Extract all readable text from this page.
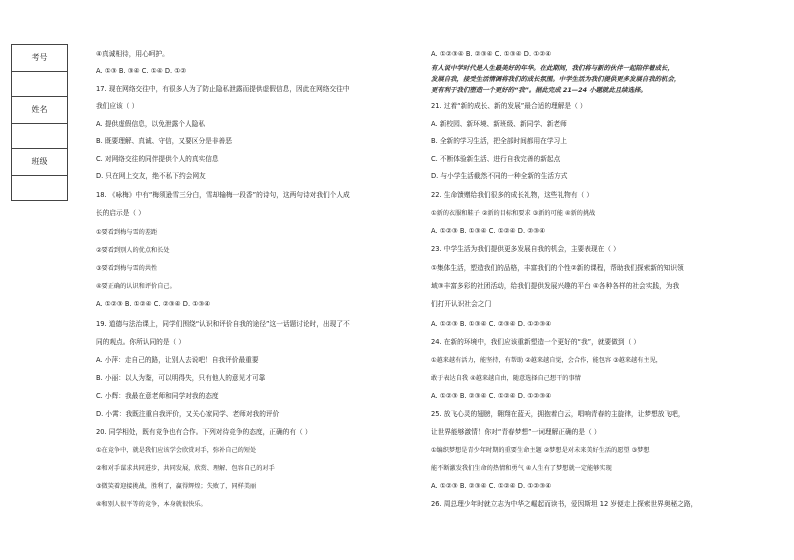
考号
姓名
班级
④真诚相待，用心呵护。
A. ①③ B. ③④ C. ①④ D. ①②
17. 现在网络交往中，有很多人为了防止隐私泄露而提供虚假信息，因此在网络交往中
我们应该（ ）
A. 提供虚假信息，以免泄露个人隐私
B. 既要理解、真诚、守信，又要区分是非善恶
C. 对网络交往的同伴提供个人的真实信息
D. 只在网上交友，绝不私下约会网友
18. 《咏梅》中有“梅须逊雪三分白，雪却输梅一段香”的诗句，这两句诗对我们个人成
长的启示是（ ）
①要看到梅与雪的差距
②要看到别人的优点和长处
③要看到梅与雪的共性
④要正确的认识和评价自己。
A. ①②③ B. ①②④ C. ②③④ D. ①③④
19. 道德与法治课上，同学们围绕“认识和评价自我的途径”这一话题讨论时，出现了不
同的观点。你所认同的是（ ）
A. 小萍：走自己的路，让别人去说吧！自我评价最重要
B. 小丽：以人为鉴，可以明得失，只有他人的意见才可靠
C. 小辉：我最在意老师和同学对我的态度
D. 小霄：我既注重自我评价，又关心家同学、老师对我的评价
20. 同学相处，既有竞争也有合作。下列对待竞争的态度，正确的有（ ）
①在竞争中，就是我们应该学会欣赏对手，弥补自己的短处
②和对手谋求共同进步，共同发展，欣赏、理解、包容自己的对手
③微笑着迎接挑战，胜利了，赢得辉煌；失败了，同样美丽
④和别人很平等的竞争，本身就很快乐。
A. ①②③④ B. ②③④ C. ①③④ D. ①②④
有人说中学时代是人生最美好的年华。在此期间，我们将与新的伙伴一起陪伴着成长，
发展自我，接受生活情调将我们的成长氛围。中学生活为我们提供更多发展自我的机会，
更有利于我们塑造一个更好的“我”。据此完成 21—24 小题就此且续选择。
21. 过着“新的成长、新的发展”最合适的理解是（ ）
A. 新校园、新环境、新班级、新同学、新老师
B. 全新的学习生活，把全部时间都用在学习上
C. 不断体验新生活、进行自我完善的新起点
D. 与小学生活截然不同的一种全新的生活方式
22. 生命馈赠给我们很多的成长礼物，这些礼物有（ ）
①新的衣服和鞋子 ②新的目标和要求 ③新的可能 ④新的挑战
A. ①②③ B. ①③④ C. ①②④ D. ②③④
23. 中学生活为我们提供更多发展自我的机会，主要表现在（ ）
①集体生活，塑造我们的品格，丰富我们的个性②新的课程，帮助我们探索新的知识领
域③丰富多彩的社团活动，给我们提供发展兴趣的平台 ④各种各样的社会实践，为我
们打开认识社会之门
A. ①②③ B. ①③④ C. ②③④ D. ①②③④
24. 在新的环境中，我们应该重新塑造一个更好的“我”，就要做到（ ）
①越来越有活力，能坚持，有帮助 ②越来越自觉，会合作，能包容 ③越来越有主见，
敢于表达自我 ④越来越自由，随意选择自己想干的事情
A. ①②③ B. ②③④ C. ①②④ D. ①②③④
25. 放飞心灵的翅膀，翱翔在蓝天，拥抱着白云，唱响青春的主旋律，让梦想放飞吧，
让世界能够激情！你对“青春梦想”一词理解正确的是（ ）
①编织梦想是青少年时期的重要生命主题 ②梦想是对未来美好生活的愿望 ③梦想
能不断激发我们生命的热情和勇气 ④人生有了梦想就一定能够实现
A. ①②③ B. ②③④ C. ①②④ D. ①②③④
26. 周总理少年时就立志为中华之崛起而读书，爱因斯坦 12 岁便走上探索世界奥秘之路，
